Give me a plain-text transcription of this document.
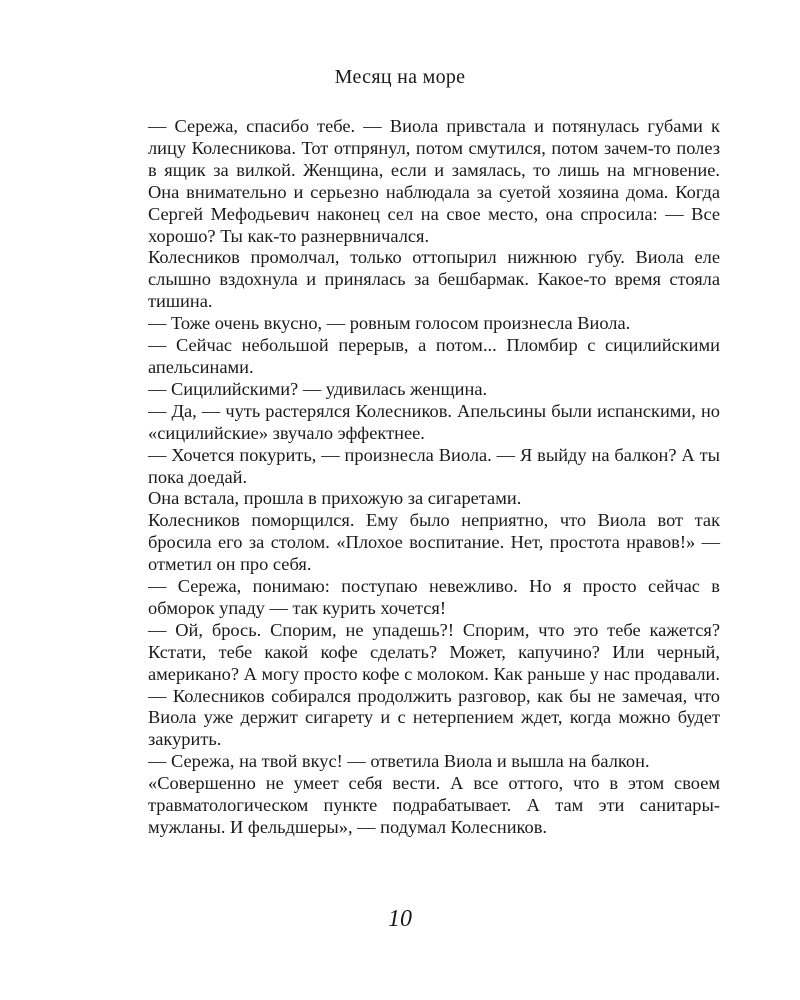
Месяц на море

— Сережа, спасибо тебе. — Виола привстала и потянулась губами к лицу Колесникова. Тот отпрянул, потом смутился, потом зачем-то полез в ящик за вилкой. Женщина, если и замялась, то лишь на мгновение. Она внимательно и серьезно наблюдала за суетой хозяина дома. Когда Сергей Мефодьевич наконец сел на свое место, она спросила: — Все хорошо? Ты как-то разнервничался.

Колесников промолчал, только оттопырил нижнюю губу. Виола еле слышно вздохнула и принялась за бешбармак. Какое-то время стояла тишина.

— Тоже очень вкусно, — ровным голосом произнесла Виола.

— Сейчас небольшой перерыв, а потом... Пломбир с сицилийскими апельсинами.

— Сицилийскими? — удивилась женщина.

— Да, — чуть растерялся Колесников. Апельсины были испанскими, но «сицилийские» звучало эффектнее.

— Хочется покурить, — произнесла Виола. — Я выйду на балкон? А ты пока доедай.

Она встала, прошла в прихожую за сигаретами.

Колесников поморщился. Ему было неприятно, что Виола вот так бросила его за столом. «Плохое воспитание. Нет, простота нравов!» — отметил он про себя.

— Сережа, понимаю: поступаю невежливо. Но я просто сейчас в обморок упаду — так курить хочется!

— Ой, брось. Спорим, не упадешь?! Спорим, что это тебе кажется? Кстати, тебе какой кофе сделать? Может, капучино? Или черный, американо? А могу просто кофе с молоком. Как раньше у нас продавали. — Колесников собирался продолжить разговор, как бы не замечая, что Виола уже держит сигарету и с нетерпением ждет, когда можно будет закурить.

— Сережа, на твой вкус! — ответила Виола и вышла на балкон.

«Совершенно не умеет себя вести. А все оттого, что в этом своем травматологическом пункте подрабатывает. А там эти санитары-мужланы. И фельдшеры», — подумал Колесников.

10
